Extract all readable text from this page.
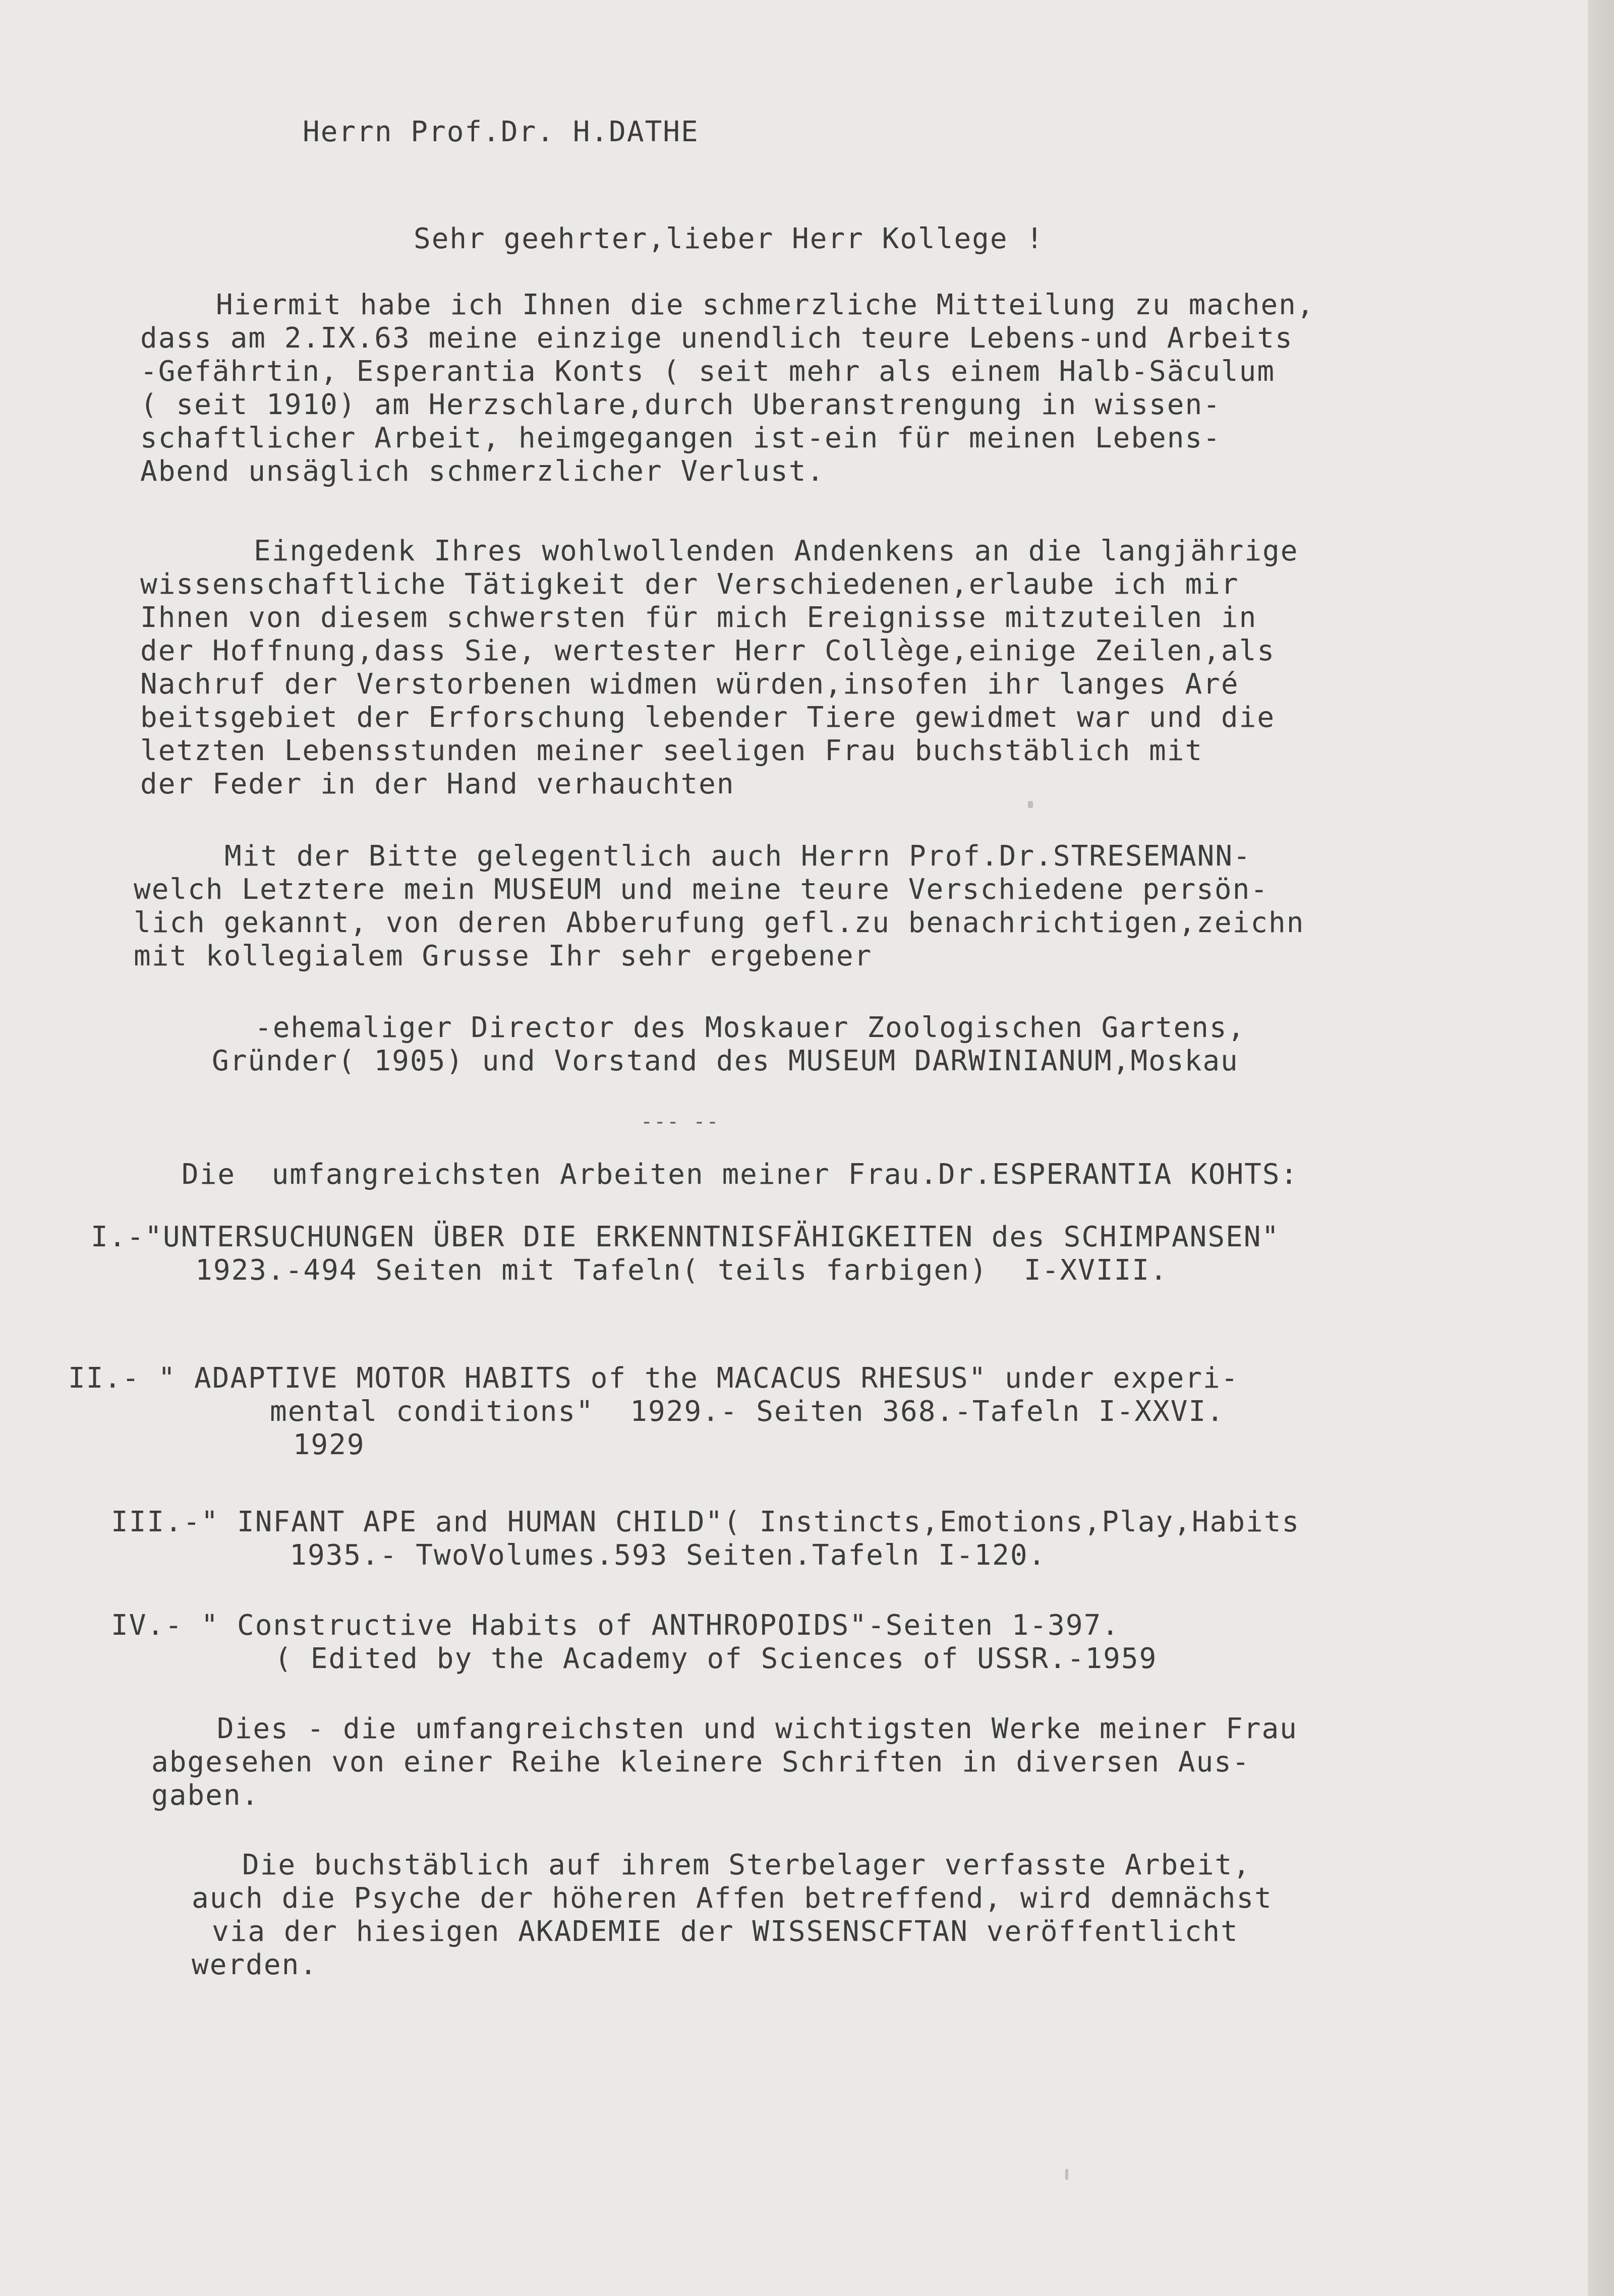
Herrn Prof.Dr. H.DATHE

Sehr geehrter,lieber Herr Kollege !

Hiermit habe ich Ihnen die schmerzliche Mitteilung zu machen,
dass am 2.IX.63 meine einzige unendlich teure Lebens-und Arbeits
-Gefährtin, Esperantia Konts ( seit mehr als einem Halb-Säculum
( seit 1910) am Herzschlare,durch Uberanstrengung in wissen-
schaftlicher Arbeit, heimgegangen ist-ein für meinen Lebens-
Abend unsäglich schmerzlicher Verlust.
Eingedenk Ihres wohlwollenden Andenkens an die langjährige
wissenschaftliche Tätigkeit der Verschiedenen,erlaube ich mir
Ihnen von diesem schwersten für mich Ereignisse mitzuteilen in
der Hoffnung,dass Sie, wertester Herr Collège,einige Zeilen,als
Nachruf der Verstorbenen widmen würden,insofen ihr langes Aré
beitsgebiet der Erforschung lebender Tiere gewidmet war und die
letzten Lebensstunden meiner seeligen Frau buchstäblich mit
der Feder in der Hand verhauchten
Mit der Bitte gelegentlich auch Herrn Prof.Dr.STRESEMANN-
welch Letztere mein MUSEUM und meine teure Verschiedene persön-
lich gekannt, von deren Abberufung gefl.zu benachrichtigen,zeichn
mit kollegialem Grusse Ihr sehr ergebener
-ehemaliger Director des Moskauer Zoologischen Gartens,
Gründer( 1905) und Vorstand des MUSEUM DARWINIANUM,Moskau

--- --

Die  umfangreichsten Arbeiten meiner Frau.Dr.ESPERANTIA KOHTS:

I.-"UNTERSUCHUNGEN ÜBER DIE ERKENNTNISFÄHIGKEITEN des SCHIMPANSEN"
1923.-494 Seiten mit Tafeln( teils farbigen)  I-XVIII.
II.- " ADAPTIVE MOTOR HABITS of the MACACUS RHESUS" under experi-
mental conditions"  1929.- Seiten 368.-Tafeln I-XXVI.
1929
III.-" INFANT APE and HUMAN CHILD"( Instincts,Emotions,Play,Habits
1935.- TwoVolumes.593 Seiten.Tafeln I-120.
IV.- " Constructive Habits of ANTHROPOIDS"-Seiten 1-397.
( Edited by the Academy of Sciences of USSR.-1959
Dies - die umfangreichsten und wichtigsten Werke meiner Frau
abgesehen von einer Reihe kleinere Schriften in diversen Aus-
gaben.
Die buchstäblich auf ihrem Sterbelager verfasste Arbeit,
auch die Psyche der höheren Affen betreffend, wird demnächst
via der hiesigen AKADEMIE der WISSENSCFTAN veröffentlicht
werden.
